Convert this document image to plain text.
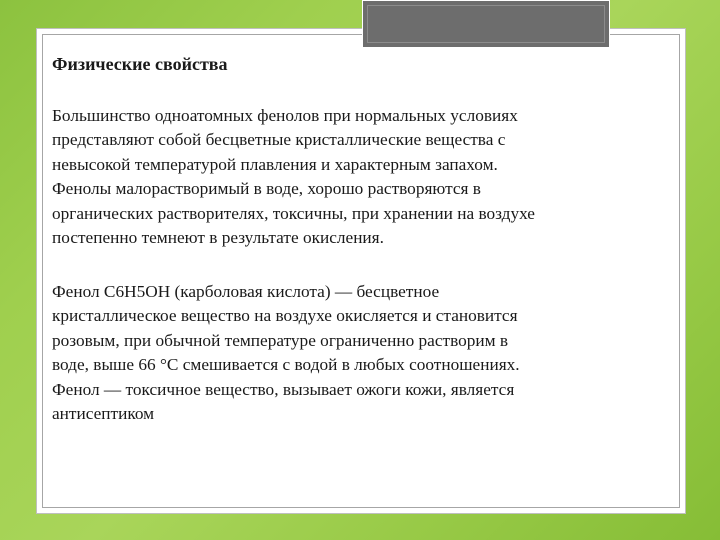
Физические свойства
Большинство одноатомных фенолов при нормальных условиях
представляют собой бесцветные кристаллические вещества с
невысокой температурой плавления и характерным запахом.
Фенолы малорастворимый в воде, хорошо растворяются в
органических растворителях, токсичны, при хранении на воздухе
постепенно темнеют в результате окисления.
Фенол C6H5OH (карболовая кислота) — бесцветное
кристаллическое вещество на воздухе окисляется и становится
розовым, при обычной температуре ограниченно растворим в
воде, выше 66 °C смешивается с водой в любых соотношениях.
Фенол — токсичное вещество, вызывает ожоги кожи, является
антисептиком
